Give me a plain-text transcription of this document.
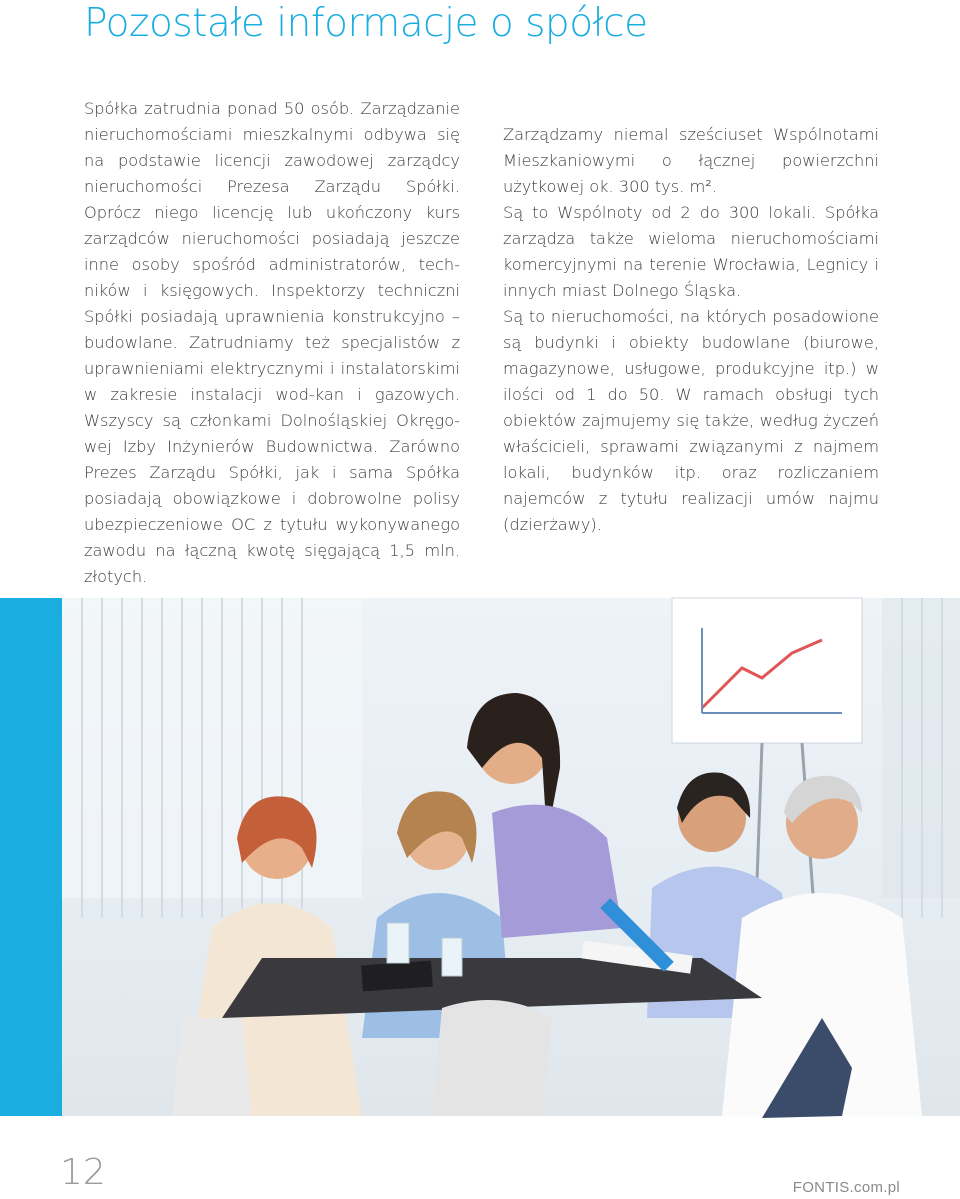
Pozostałe informacje o spółce

Spółka zatrudnia ponad 50 osób. Zarządzanie nieruchomościami mieszkalnymi odbywa się na podstawie licencji zawodowej zarządcy nieruchomości Prezesa Zarządu Spółki. Oprócz niego licencję lub ukończony kurs zarządców nieruchomości posiadają jeszcze inne osoby spośród administratorów, techników i księgowych. Inspektorzy techniczni Spółki posiadają uprawnienia konstrukcyjno – budowlane. Zatrudniamy też specjalistów z uprawnieniami elektrycznymi i instalatorskimi w zakresie instalacji wod-kan i gazowych. Wszyscy są członkami Dolnośląskiej Okręgowej Izby Inżynierów Budownictwa. Zarówno Prezes Zarządu Spółki, jak i sama Spółka posiadają obowiązkowe i dobrowolne polisy ubezpieczeniowe OC z tytułu wykonywanego zawodu na łączną kwotę sięgającą 1,5 mln. złotych.

Zarządzamy niemal sześciuset Wspólnotami Mieszkaniowymi o łącznej powierzchni użytkowej ok. 300 tys. m².

Są to Wspólnoty od 2 do 300 lokali. Spółka zarządza także wieloma nieruchomościami komercyjnymi na terenie Wrocławia, Legnicy i innych miast Dolnego Śląska.

Są to nieruchomości, na których posadowione są budynki i obiekty budowlane (biurowe, magazynowe, usługowe, produkcyjne itp.) w ilości od 1 do 50. W ramach obsługi tych obiektów zajmujemy się także, według życzeń właścicieli, sprawami związanymi z najmem lokali, budynków itp. oraz rozliczaniem najemców z tytułu realizacji umów najmu (dzierżawy).

12	FONTIS.com.pl
